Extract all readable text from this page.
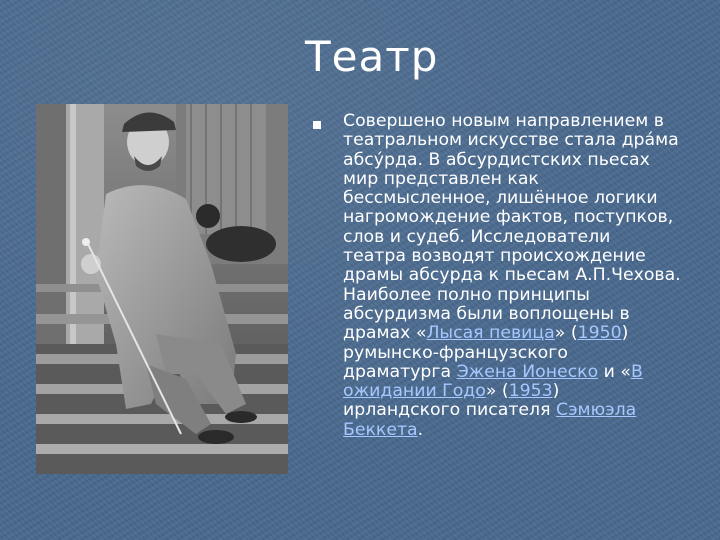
Театр
Совершено новым направлением в
театральном искусстве стала дра́ма
абсу́рда. В абсурдистских пьесах
мир представлен как
бессмысленное, лишённое логики
нагромождение фактов, поступков,
слов и судеб. Исследователи
театра возводят происхождение
драмы абсурда к пьесам А.П.Чехова.
Наиболее полно принципы
абсурдизма были воплощены в
драмах «Лысая певица» (1950)
румынско-французского
драматурга Эжена Ионеско и «В
ожидании Годо» (1953)
ирландского писателя Сэмюэла
Беккета.
